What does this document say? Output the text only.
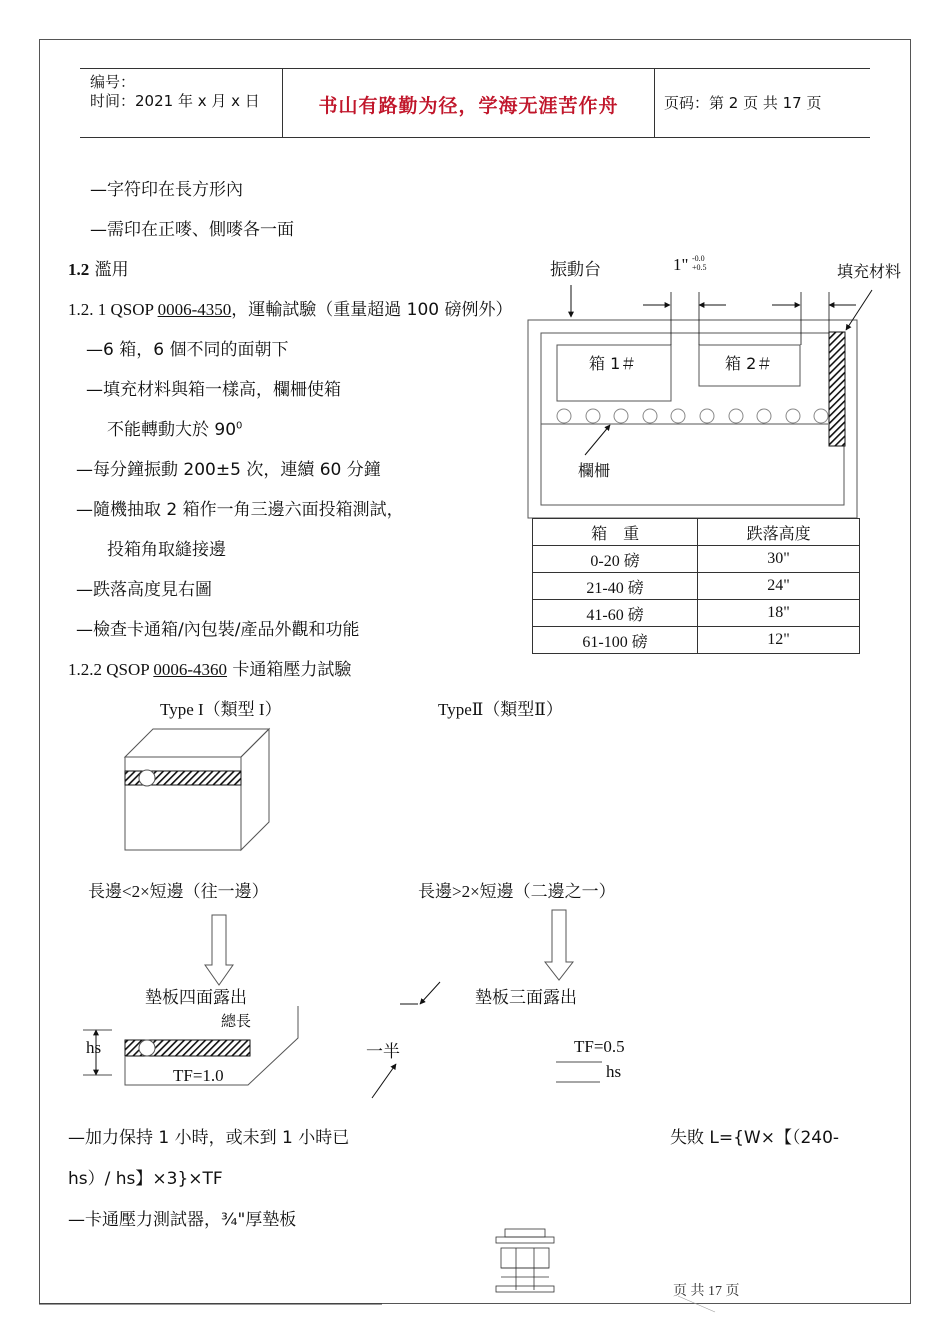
编号：
时间：2021 年 x 月 x 日	书山有路勤为径，学海无涯苦作舟	页码：第 2 页 共 17 页
—字符印在長方形內
—需印在正嘜、側嘜各一面
1.2 濫用
1.2. 1 QSOP 0006-4350，運輸試驗（重量超過 100 磅例外）
—6 箱，6 個不同的面朝下
—填充材料與箱一樣高，欄柵使箱
不能轉動大於 $90^0$
—每分鐘振動 200±5 次，連續 60 分鐘
—隨機抽取 2 箱作一角三邊六面投箱測試，
投箱角取縫接邊
—跌落高度見右圖
—檢查卡通箱/內包裝/產品外觀和功能
1.2.2 QSOP 0006-4360 卡通箱壓力試驗
振動台	1" -0.0
+0.5	填充材料
箱 1＃	箱 2＃
欄柵
箱　重	跌落高度
0-20 磅	30"
21-40 磅	24"
41-60 磅	18"
61-100 磅	12"
Type I（類型 I）	TypeⅡ（類型Ⅱ）
長邊<2×短邊（往一邊）	長邊>2×短邊（二邊之一）
墊板四面露出	墊板三面露出
總長
hs
TF=1.0
一半	TF=0.5
hs
—加力保持 1 小時，或未到 1 小時已	失敗 L={W×【（240-
hs）/ hs】×3}×TF
—卡通壓力測試器，¾"厚墊板
页 共 17 页
